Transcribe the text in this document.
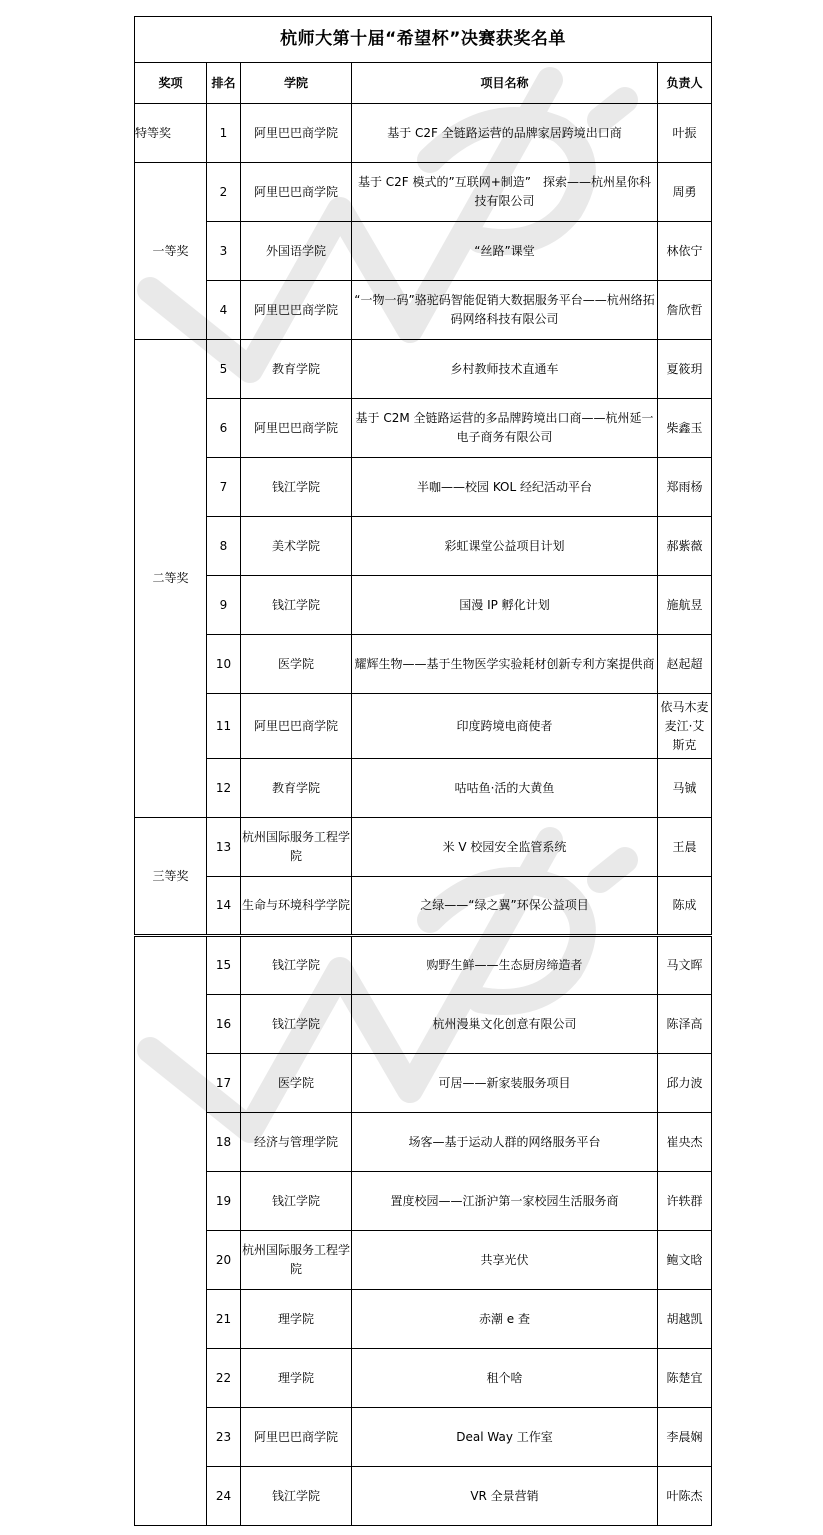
杭师大第十届“希望杯”决赛获奖名单				
奖项	排名	学院	项目名称	负责人
特等奖	1	阿里巴巴商学院	基于 C2F 全链路运营的品牌家居跨境出口商	叶振
一等奖	2	阿里巴巴商学院	基于 C2F 模式的”互联网+制造”　探索——杭州星你科技有限公司	周勇
	3	外国语学院	“丝路”课堂	林依宁
	4	阿里巴巴商学院	“一物一码”骆驼码智能促销大数据服务平台——杭州络拓码网络科技有限公司	詹欣哲
二等奖	5	教育学院	乡村教师技术直通车	夏筱玥
	6	阿里巴巴商学院	基于 C2M 全链路运营的多品牌跨境出口商——杭州延一电子商务有限公司	柴鑫玉
	7	钱江学院	半咖——校园 KOL 经纪活动平台	郑雨杨
	8	美术学院	彩虹课堂公益项目计划	郝紫薇
	9	钱江学院	国漫 IP 孵化计划	施航昱
	10	医学院	耀辉生物——基于生物医学实验耗材创新专利方案提供商	赵起超
	11	阿里巴巴商学院	印度跨境电商使者	依马木麦麦江·艾斯克
	12	教育学院	咕咕鱼·活的大黄鱼	马铖
三等奖	13	杭州国际服务工程学院	米 V 校园安全监管系统	王晨
	14	生命与环境科学学院	之绿——“绿之翼”环保公益项目	陈成
	15	钱江学院	购野生鲜——生态厨房缔造者	马文晖
	16	钱江学院	杭州漫巢文化创意有限公司	陈泽高
	17	医学院	可居——新家装服务项目	邱力波
	18	经济与管理学院	场客—基于运动人群的网络服务平台	崔央杰
	19	钱江学院	置度校园——江浙沪第一家校园生活服务商	许轶群
	20	杭州国际服务工程学院	共享光伏	鲍文晗
	21	理学院	赤潮 e 查	胡越凯
	22	理学院	租个啥	陈楚宜
	23	阿里巴巴商学院	Deal Way 工作室	李晨娴
	24	钱江学院	VR 全景营销	叶陈杰
